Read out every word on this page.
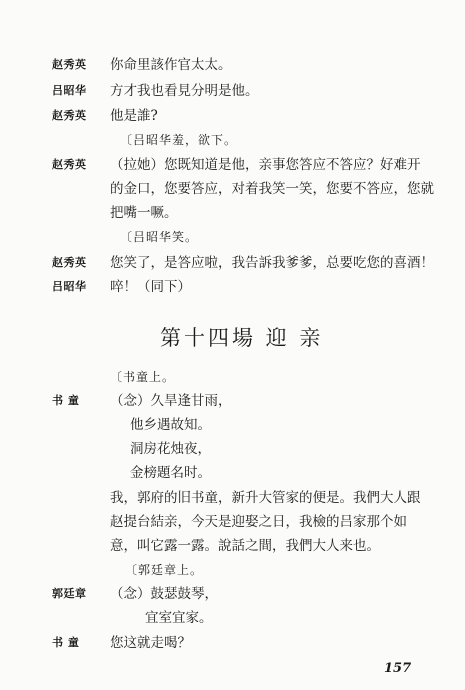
赵秀英 你命里該作官太太。
吕昭华 方才我也看見分明是他。
赵秀英 他是誰?
〔吕昭华羞，欲下。
赵秀英 （拉她）您既知道是他，亲事您答应不答应？好难开
的金口，您要答应，对着我笑一笑，您要不答应，您就
把嘴一噘。
〔吕昭华笑。
赵秀英 您笑了，是答应啦，我告訴我爹爹，总要吃您的喜酒！
吕昭华 啐！（同下）
第十四場 迎 亲
〔书童上。
书 童 （念）久旱逢甘雨，
他乡遇故知。
洞房花烛夜，
金榜題名时。
我，郭府的旧书童，新升大管家的便是。我們大人跟
赵提台結亲，今天是迎娶之日，我檢的吕家那个如
意，叫它露一露。說話之間，我們大人来也。
〔郭廷章上。
郭廷章 （念）鼓瑟鼓琴，
宜室宜家。
书 童 您这就走喝？
157
